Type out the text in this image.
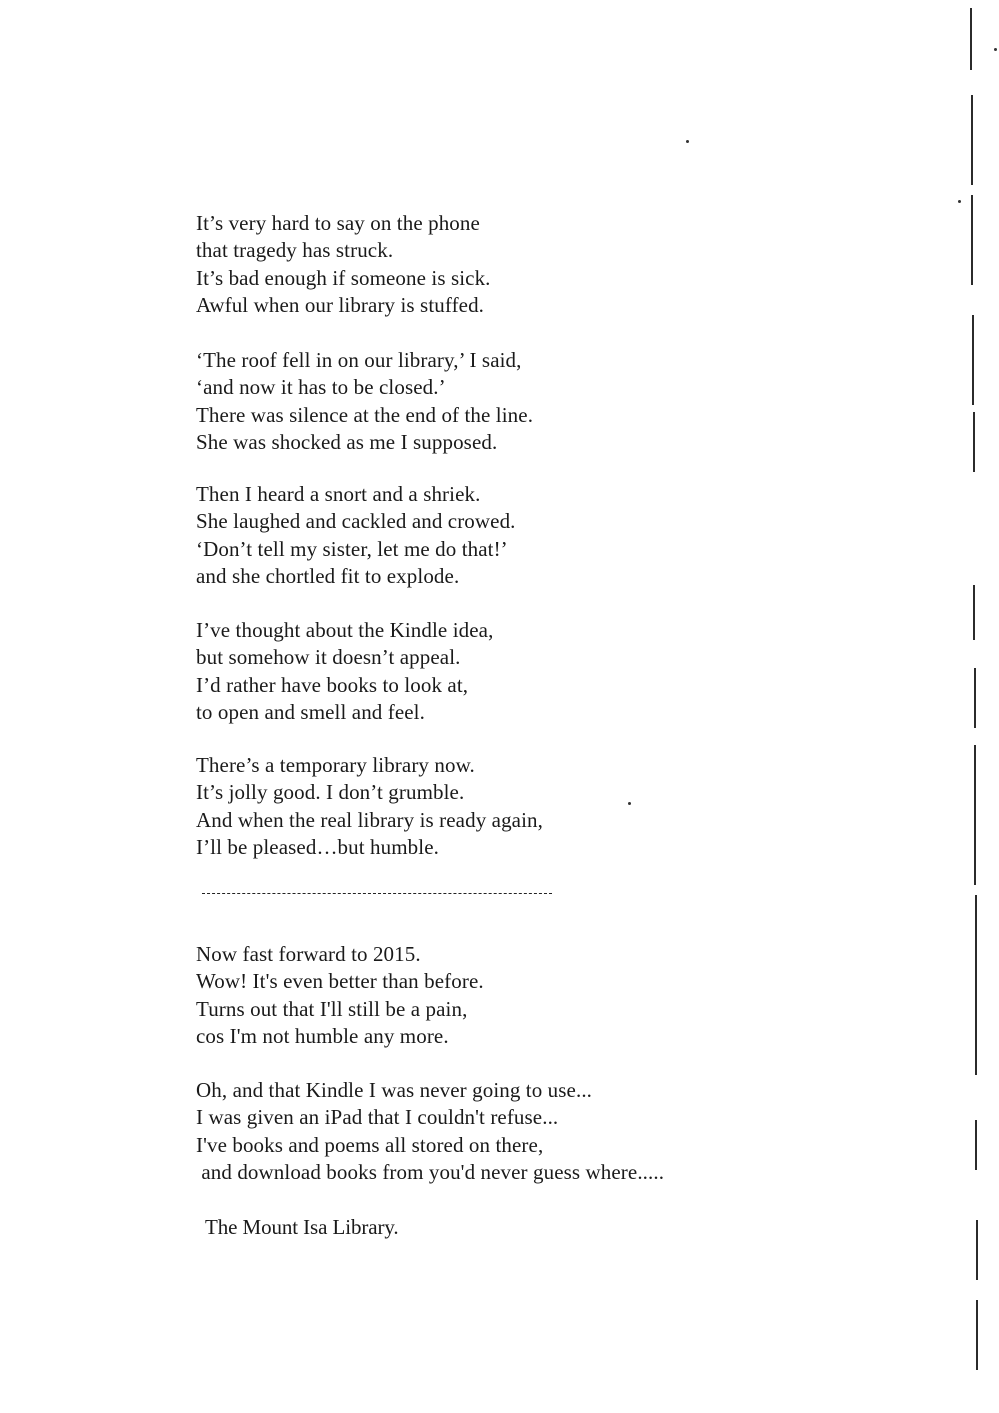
It’s very hard to say on the phone
that tragedy has struck.
It’s bad enough if someone is sick.
Awful when our library is stuffed.
‘The roof fell in on our library,’ I said,
‘and now it has to be closed.’
There was silence at the end of the line.
She was shocked as me I supposed.
Then I heard a snort and a shriek.
She laughed and cackled and crowed.
‘Don’t tell my sister, let me do that!’
and she chortled fit to explode.
I’ve thought about the Kindle idea,
but somehow it doesn’t appeal.
I’d rather have books to look at,
to open and smell and feel.
There’s a temporary library now.
It’s jolly good. I don’t grumble.
And when the real library is ready again,
I’ll be pleased…but humble.
Now fast forward to 2015.
Wow! It's even better than before.
Turns out that I'll still be a pain,
cos I'm not humble any more.
Oh, and that Kindle I was never going to use...
I was given an iPad that I couldn't refuse...
I've books and poems all stored on there,
and download books from you'd never guess where.....
The Mount Isa Library.
